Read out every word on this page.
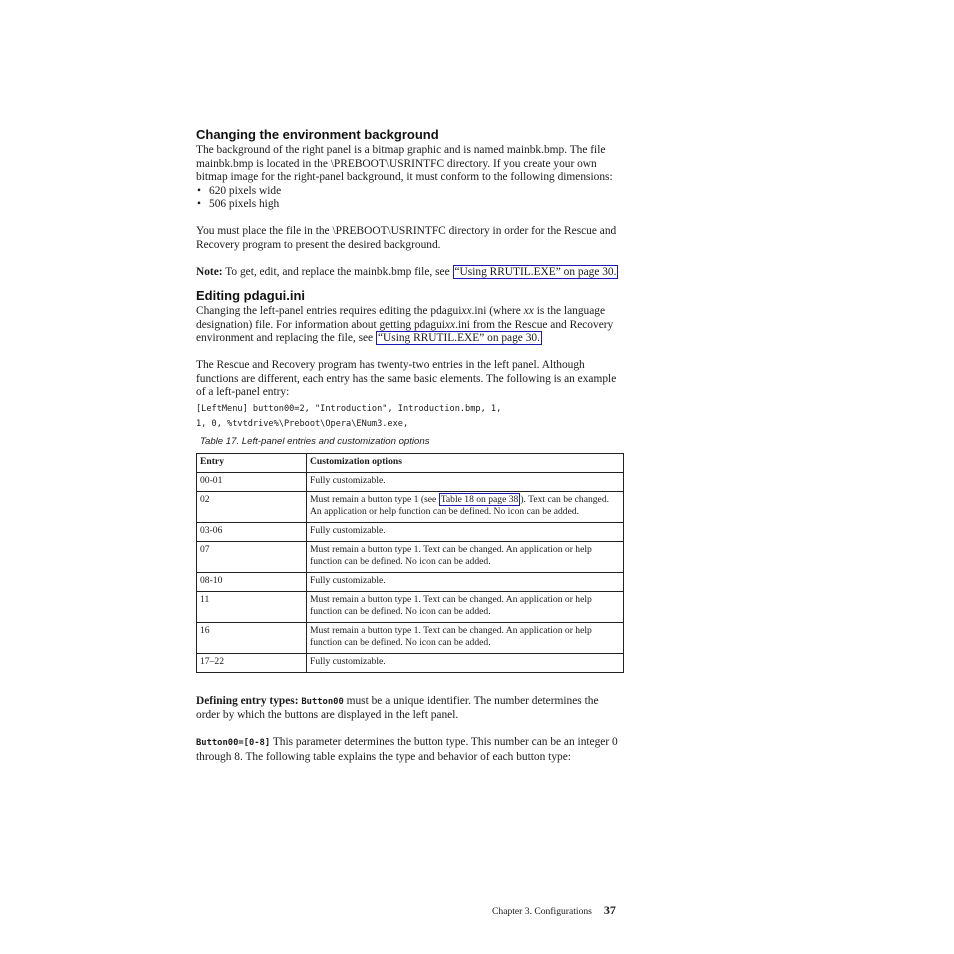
Changing the environment background

The background of the right panel is a bitmap graphic and is named mainbk.bmp. The file mainbk.bmp is located in the \PREBOOT\USRINTFC directory. If you create your own bitmap image for the right-panel background, it must conform to the following dimensions:

• 620 pixels wide
• 506 pixels high

You must place the file in the \PREBOOT\USRINTFC directory in order for the Rescue and Recovery program to present the desired background.

Note: To get, edit, and replace the mainbk.bmp file, see “Using RRUTIL.EXE” on page 30.

Editing pdagui.ini

Changing the left-panel entries requires editing the pdaguixx.ini (where xx is the language designation) file. For information about getting pdaguixx.ini from the Rescue and Recovery environment and replacing the file, see “Using RRUTIL.EXE” on page 30.

The Rescue and Recovery program has twenty-two entries in the left panel. Although functions are different, each entry has the same basic elements. The following is an example of a left-panel entry:

[LeftMenu] button00=2, "Introduction", Introduction.bmp, 1,

1, 0, %tvtdrive%\Preboot\Opera\ENum3.exe,

Table 17. Left-panel entries and customization options

Entry	Customization options
00-01	Fully customizable.
02	Must remain a button type 1 (see Table 18 on page 38 ). Text can be changed. An application or help function can be defined. No icon can be added.
03-06	Fully customizable.
07	Must remain a button type 1. Text can be changed. An application or help function can be defined. No icon can be added.
08-10	Fully customizable.
11	Must remain a button type 1. Text can be changed. An application or help function can be defined. No icon can be added.
16	Must remain a button type 1. Text can be changed. An application or help function can be defined. No icon can be added.
17–22	Fully customizable.

Defining entry types: Button00 must be a unique identifier. The number determines the order by which the buttons are displayed in the left panel.

Button00=[0-8] This parameter determines the button type. This number can be an integer 0 through 8. The following table explains the type and behavior of each button type:

Chapter 3. Configurations 37
